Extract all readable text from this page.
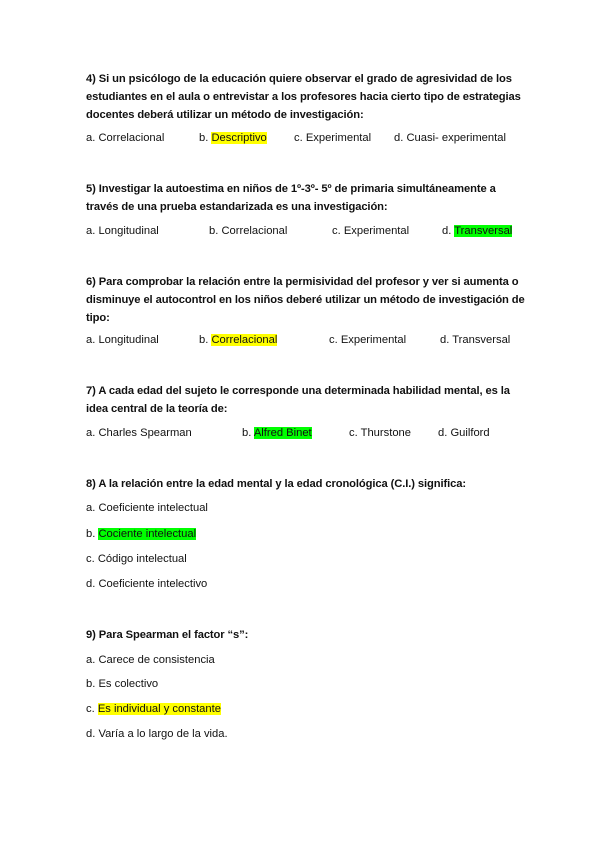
4) Si un psicólogo de la educación quiere observar el grado de agresividad de los estudiantes en el aula o entrevistar a los profesores hacia cierto tipo de estrategias docentes deberá utilizar un método de investigación:
a. Correlacional	b. Descriptivo c. Experimental d. Cuasi- experimental
5) Investigar la autoestima en niños de 1º-3º- 5º de primaria simultáneamente a través de una prueba estandarizada es una investigación:
a. Longitudinal	b. Correlacional	c. Experimental	d. Transversal
6) Para comprobar la relación entre la permisividad del profesor y ver si aumenta o disminuye el autocontrol en los niños deberé utilizar un método de investigación de tipo:
a. Longitudinal	b. Correlacional	c. Experimental	d. Transversal
7) A cada edad del sujeto le corresponde una determinada habilidad mental, es la idea central de la teoría de:
a. Charles Spearman	b. Alfred Binet	c. Thurstone d. Guilford
8) A la relación entre la edad mental y la edad cronológica (C.I.) significa:
a. Coeficiente intelectual
b. Cociente intelectual
c. Código intelectual
d. Coeficiente intelectivo
9) Para Spearman el factor “s”:
a. Carece de consistencia
b. Es colectivo
c. Es individual y constante
d. Varía a lo largo de la vida.
